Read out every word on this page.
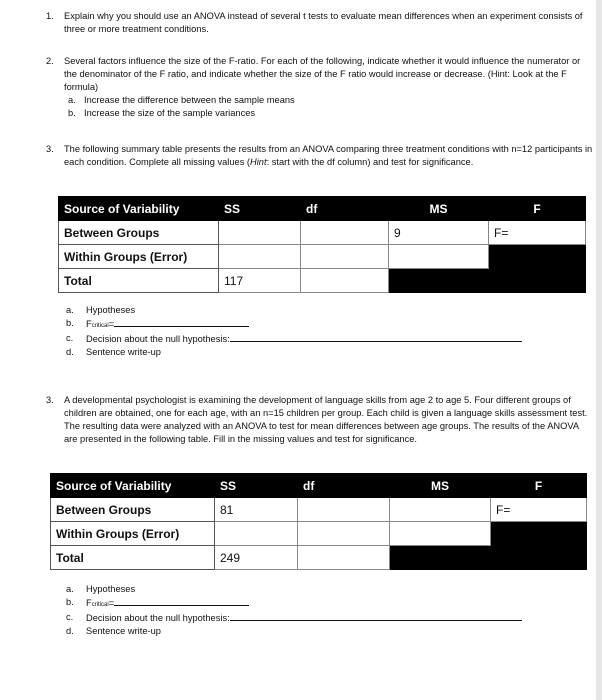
1. Explain why you should use an ANOVA instead of several t tests to evaluate mean differences when an experiment consists of three or more treatment conditions.

2. Several factors influence the size of the F-ratio. For each of the following, indicate whether it would influence the numerator or the denominator of the F ratio, and indicate whether the size of the F ratio would increase or decrease. (Hint: Look at the F formula)

a. Increase the difference between the sample means
b. Increase the size of the sample variances
3. The following summary table presents the results from an ANOVA comparing three treatment conditions with n=12 participants in each condition. Complete all missing values (Hint: start with the df column) and test for significance.

Source of Variability	SS	df	MS	F
Between Groups			9	F=
Within Groups (Error)				
Total	117			
a. Hypotheses
b. Fcritical=
c. Decision about the null hypothesis:
d. Sentence write-up
3. A developmental psychologist is examining the development of language skills from age 2 to age 5. Four different groups of children are obtained, one for each age, with an n=15 children per group. Each child is given a language skills assessment test. The resulting data were analyzed with an ANOVA to test for mean differences between age groups. The results of the ANOVA are presented in the following table. Fill in the missing values and test for significance.

Source of Variability	SS	df	MS	F
Between Groups	81			F=
Within Groups (Error)				
Total	249			
a. Hypotheses
b. Fcritical=
c. Decision about the null hypothesis:
d. Sentence write-up
